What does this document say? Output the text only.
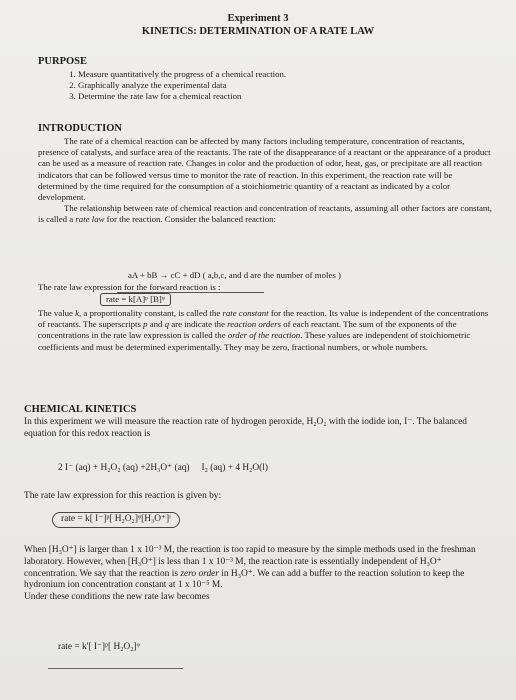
Experiment 3
KINETICS: DETERMINATION OF A RATE LAW
PURPOSE
1. Measure quantitatively the progress of a chemical reaction.
2. Graphically analyze the experimental data
3. Determine the rate law for a chemical reaction
INTRODUCTION

The rate of a chemical reaction can be affected by many factors including temperature, concentration of reactants, presence of catalysts, and surface area of the reactants. The rate of the disappearance of a reactant or the appearance of a product can be used as a measure of reaction rate. Changes in color and the production of odor, heat, gas, or precipitate are all reaction indicators that can be followed versus time to monitor the rate of reaction. In this experiment, the reaction rate will be determined by the time required for the consumption of a stoichiometric quantity of a reactant as indicated by a color development.

The relationship between rate of chemical reaction and concentration of reactants, assuming all other factors are constant, is called a rate law for the reaction. Consider the balanced reaction:

aA + bB → cC + dD ( a,b,c, and d are the number of moles )
The rate law expression for the forward reaction is :
rate = k[A]ᵖ [B]ᵠ

The value k, a proportionality constant, is called the rate constant for the reaction. Its value is independent of the concentrations of reactants. The superscripts p and q are indicate the reaction orders of each reactant. The sum of the exponents of the concentrations in the rate law expression is called the order of the reaction. These values are independent of stoichiometric coefficients and must be determined experimentally. They may be zero, fractional numbers, or whole numbers.

CHEMICAL KINETICS
In this experiment we will measure the reaction rate of hydrogen peroxide, H₂O₂ with the iodide ion, I⁻. The balanced equation for this redox reaction is
2 I⁻ (aq) + H₂O₂ (aq) +2H₃O⁺ (aq) ⃞ I₂ (aq) + 4 H₂O(l)
The rate law expression for this reaction is given by:
rate = k[ I⁻]ᵖ[ H₂O₂]ᵠ[H₃O⁺]ʳ

When [H₃O⁺] is larger than 1 x 10⁻³ M, the reaction is too rapid to measure by the simple methods used in the freshman laboratory. However, when [H₃O⁺] is less than 1 x 10⁻³ M, the reaction rate is essentially independent of H₃O⁺ concentration. We say that the reaction is zero order in H₃O⁺. We can add a buffer to the reaction solution to keep the hydronium ion concentration constant at 1 x 10⁻⁵ M.

Under these conditions the new rate law becomes

rate = k'[ I⁻]ᵖ[ H₂O₂]ᵠ
